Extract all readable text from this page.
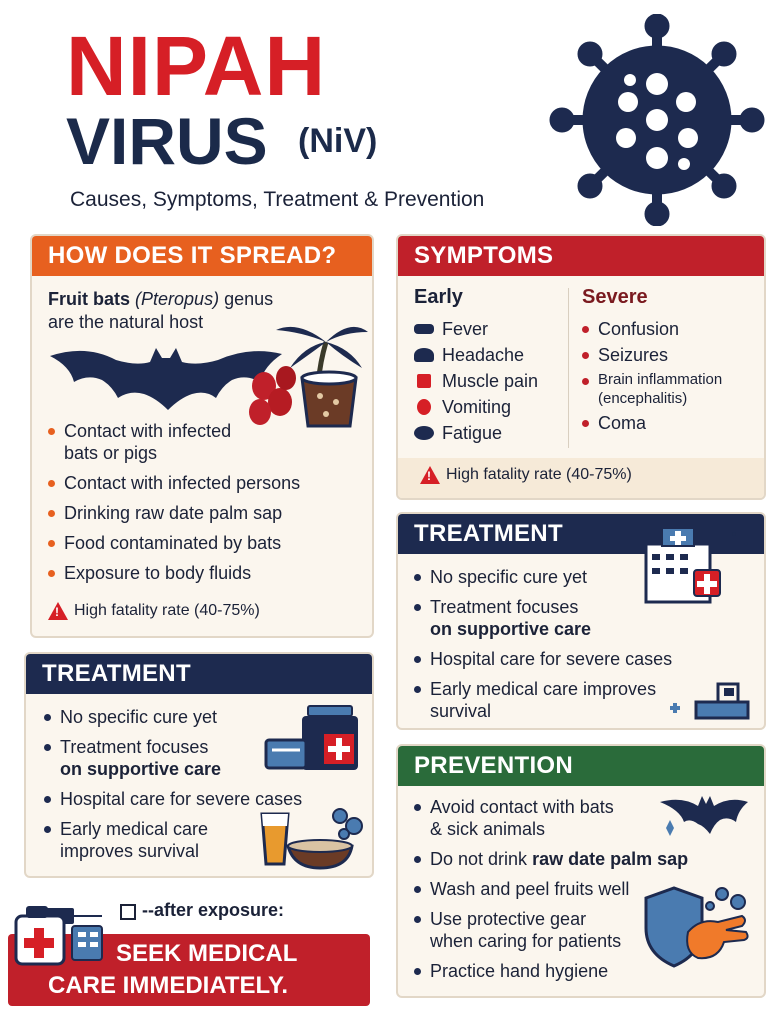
NIPAH
VIRUS (NiV)
Causes, Symptoms, Treatment & Prevention
HOW DOES IT SPREAD?
Fruit bats (Pteropus) genus
are the natural host
Contact with infected bats or pigs
Contact with infected persons
Drinking raw date palm sap
Food contaminated by bats
Exposure to body fluids
!
High fatality rate (40-75%)
SYMPTOMS
Early	Severe
Fever
Headache
Muscle pain
Vomiting
Fatigue
Confusion
Seizures
Brain inflammation (encephalitis)
Coma
!
High fatality rate (40-75%)
TREATMENT
No specific cure yet
Treatment focuses
on supportive care
Hospital care for severe cases
Early medical care improves survival
TREATMENT
No specific cure yet
Treatment focuses
on supportive care
Hospital care for severe cases
Early medical care improves survival
PREVENTION
Avoid contact with bats
& sick animals
Do not drink raw date palm sap
Wash and peel fruits well
Use protective gear
when caring for patients
Practice hand hygiene
--after exposure:
SEEK MEDICAL
CARE IMMEDIATELY.
